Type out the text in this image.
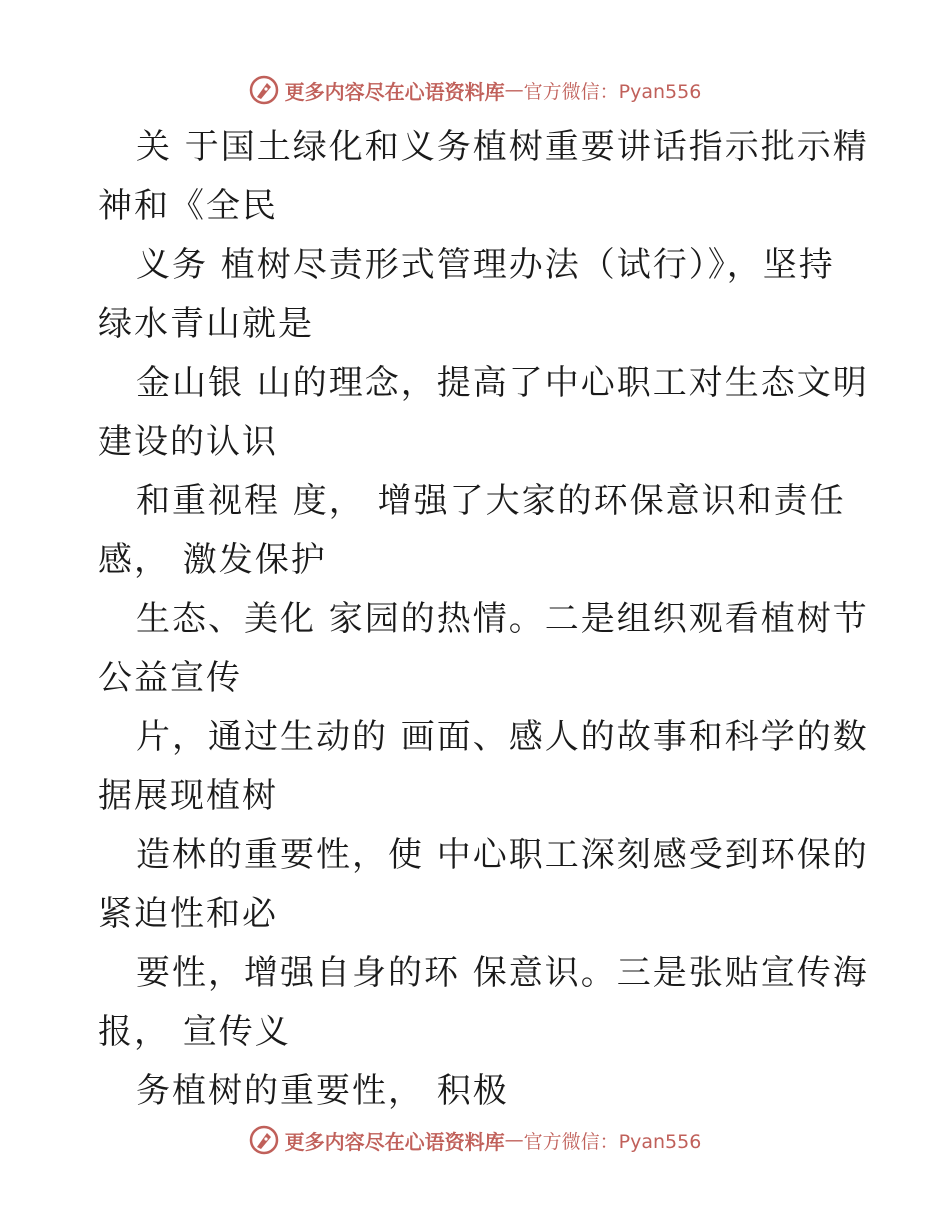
更多内容尽在心语资料库 — 官方微信：Pyan556
关 于国土绿化和义务植树重要讲话指示批示精
神和《全民
义务 植树尽责形式管理办法（试行）》，坚持
绿水青山就是
金山银 山的理念，提高了中心职工对生态文明
建设的认识
和重视程 度， 增强了大家的环保意识和责任
感， 激发保护
生态、美化 家园的热情。二是组织观看植树节
公益宣传
片，通过生动的 画面、感人的故事和科学的数
据展现植树
造林的重要性，使 中心职工深刻感受到环保的
紧迫性和必
要性，增强自身的环 保意识。三是张贴宣传海
报， 宣传义
务植树的重要性， 积极
更多内容尽在心语资料库 — 官方微信：Pyan556
